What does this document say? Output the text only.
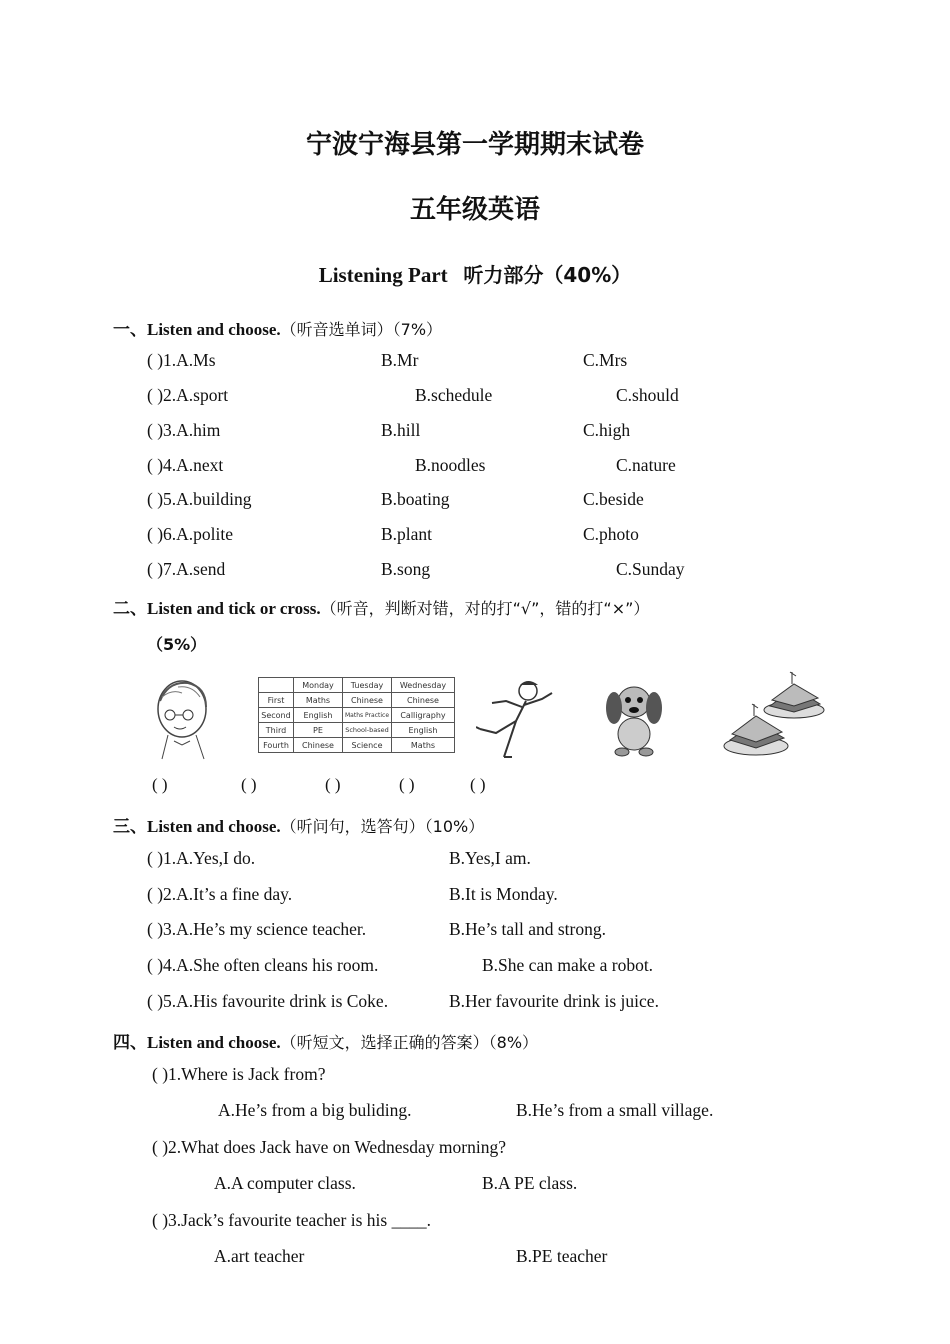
宁波宁海县第一学期期末试卷
五年级英语
Listening Part 听力部分（40%）
一、Listen and choose.（听音选单词）（7%）
( )1.A.Ms	B.Mr	C.Mrs
( )2.A.sport	B.schedule	C.should
( )3.A.him	B.hill	C.high
( )4.A.next	B.noodles	C.nature
( )5.A.building	B.boating	C.beside
( )6.A.polite	B.plant	C.photo
( )7.A.send	B.song	C.Sunday
二、Listen and tick or cross.（听音，判断对错，对的打“√”，错的打“×”）
（5%）
	Monday	Tuesday	Wednesday
First	Maths	Chinese	Chinese
Second	English	Maths Practice	Calligraphy
Third	PE	School-based	English
Fourth	Chinese	Science	Maths
( )	( )	( )	( )	( )
三、Listen and choose.（听问句，选答句）（10%）
( )1.A.Yes,I do.	B.Yes,I am.
( )2.A.It’s a fine day.	B.It is Monday.
( )3.A.He’s my science teacher.	B.He’s tall and strong.
( )4.A.She often cleans his room.	B.She can make a robot.
( )5.A.His favourite drink is Coke.	B.Her favourite drink is juice.
四、Listen and choose.（听短文，选择正确的答案）（8%）
( )1.Where is Jack from?
A.He’s from a big buliding.	B.He’s from a small village.
( )2.What does Jack have on Wednesday morning?
A.A computer class.	B.A PE class.
( )3.Jack’s favourite teacher is his ____.
A.art teacher	B.PE teacher
